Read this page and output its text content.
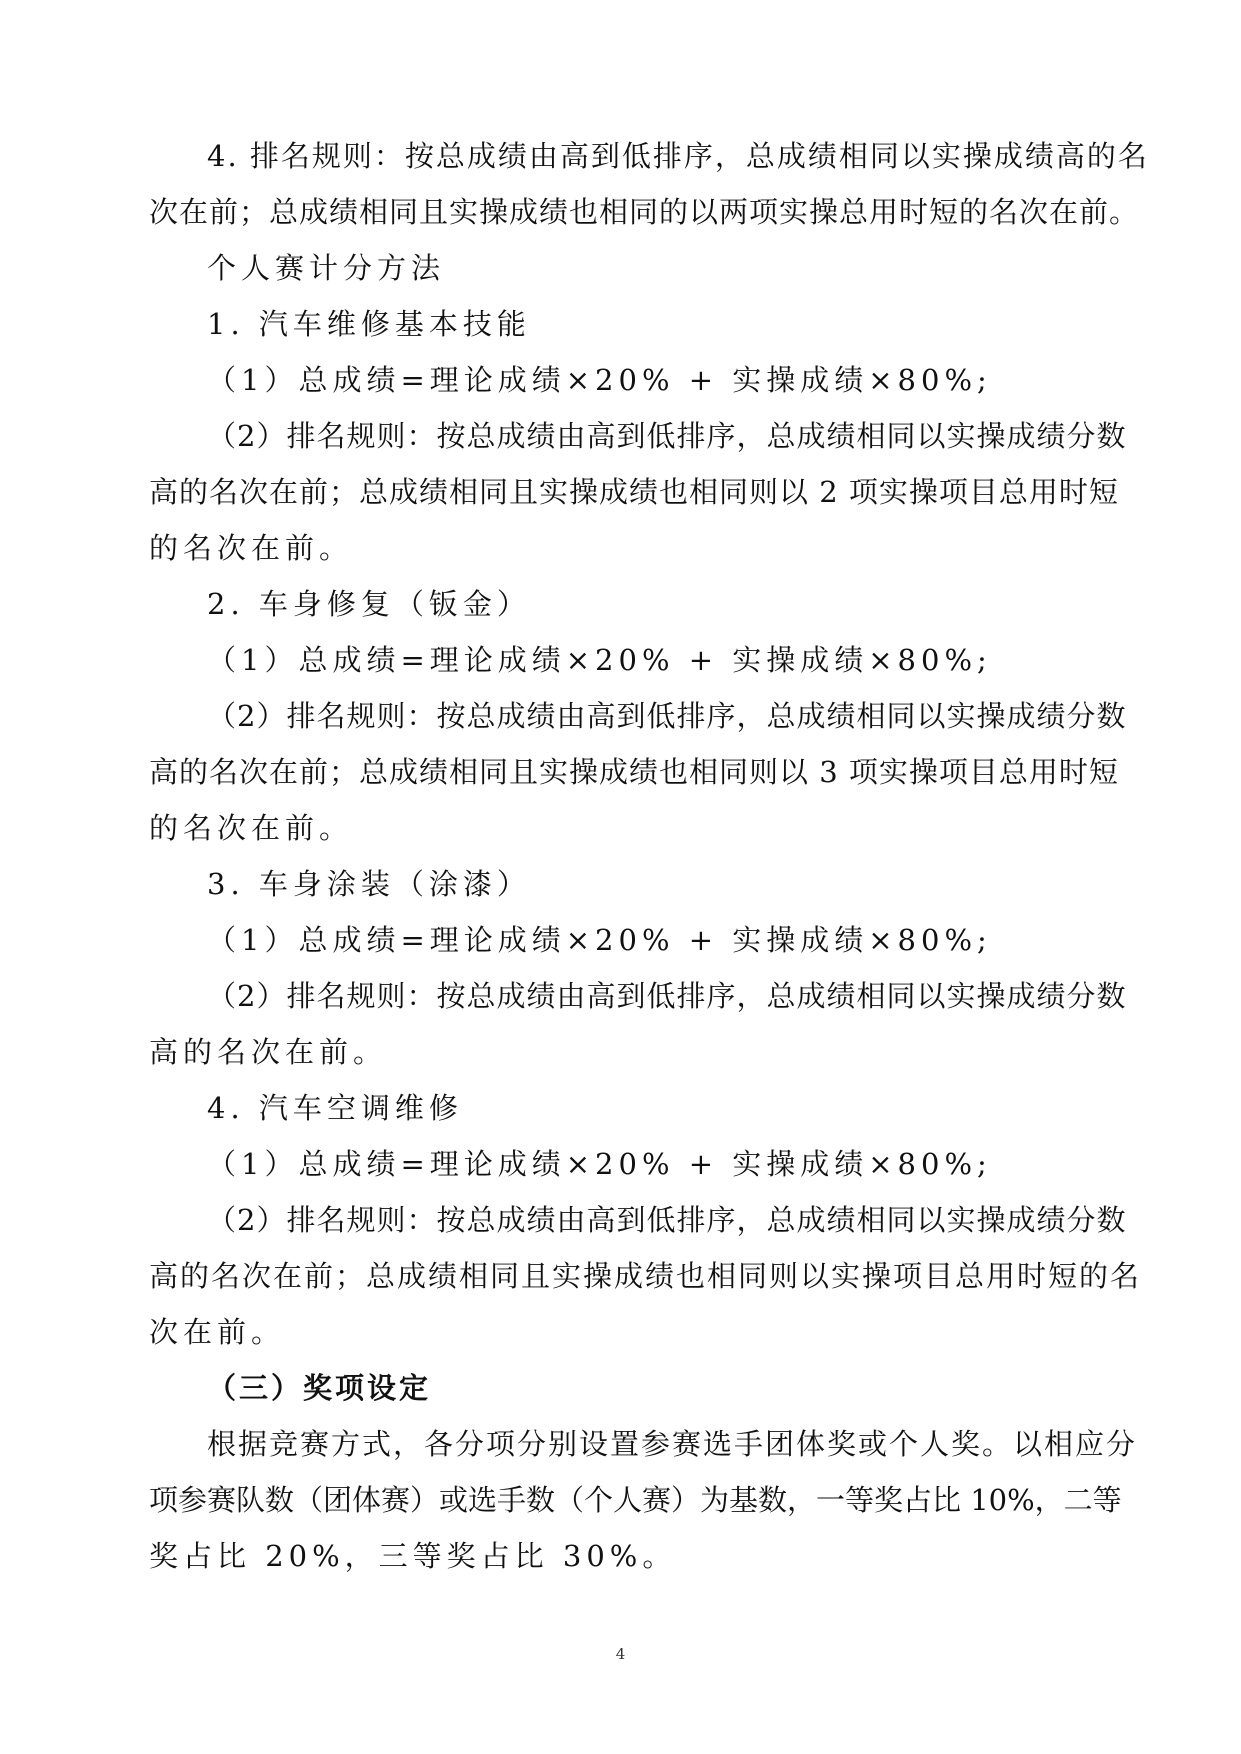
4. 排名规则：按总成绩由高到低排序，总成绩相同以实操成绩高的名
次在前；总成绩相同且实操成绩也相同的以两项实操总用时短的名次在前。
个人赛计分方法
1. 汽车维修基本技能
（1）总成绩=理论成绩×20% + 实操成绩×80%;
（2）排名规则：按总成绩由高到低排序，总成绩相同以实操成绩分数
高的名次在前；总成绩相同且实操成绩也相同则以 2 项实操项目总用时短
的名次在前。
2. 车身修复（钣金）
（1）总成绩=理论成绩×20% + 实操成绩×80%;
（2）排名规则：按总成绩由高到低排序，总成绩相同以实操成绩分数
高的名次在前；总成绩相同且实操成绩也相同则以 3 项实操项目总用时短
的名次在前。
3. 车身涂装（涂漆）
（1）总成绩=理论成绩×20% + 实操成绩×80%;
（2）排名规则：按总成绩由高到低排序，总成绩相同以实操成绩分数
高的名次在前。
4. 汽车空调维修
（1）总成绩=理论成绩×20% + 实操成绩×80%;
（2）排名规则：按总成绩由高到低排序，总成绩相同以实操成绩分数
高的名次在前；总成绩相同且实操成绩也相同则以实操项目总用时短的名
次在前。
（三）奖项设定
根据竞赛方式，各分项分别设置参赛选手团体奖或个人奖。以相应分
项参赛队数（团体赛）或选手数（个人赛）为基数，一等奖占比 10%，二等
奖占比 20%，三等奖占比 30%。
4
